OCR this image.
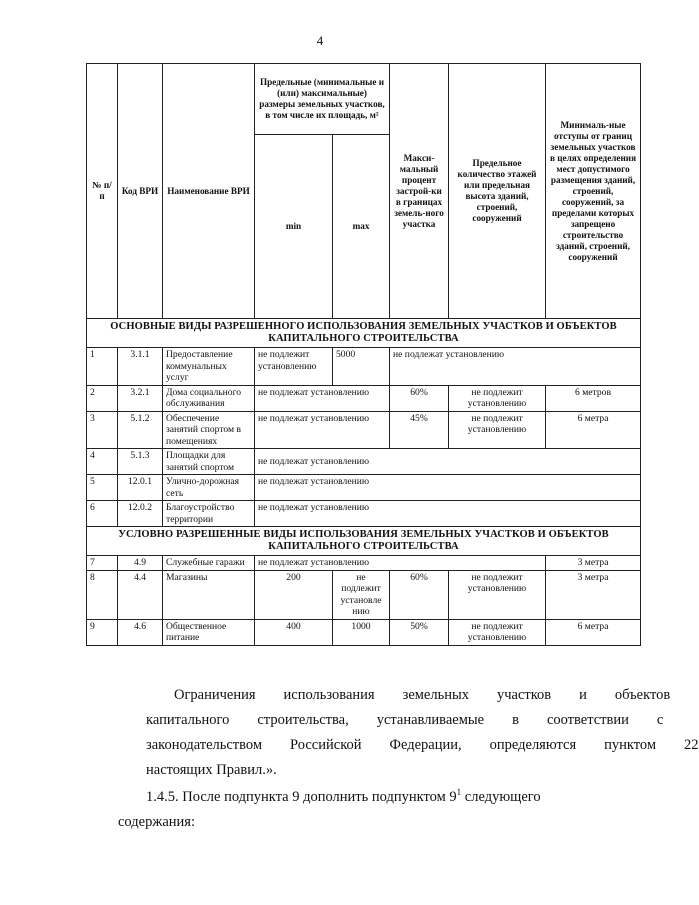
4
№ п/п	Код ВРИ	Наименование ВРИ	Предельные (минимальные и (или) максимальные) размеры земельных участков, в том числе их площадь, м²		Макси-мальный процент застрой-ки в границах земель-ного участка	Предельное количество этажей или предельная высота зданий, строений, сооружений	Минималь-ные отступы от границ земельных участков в целях определения мест допустимого размещения зданий, строений, сооружений, за пределами которых запрещено строительство зданий, строений, сооружений
			min	max			
ОСНОВНЫЕ ВИДЫ РАЗРЕШЕННОГО ИСПОЛЬЗОВАНИЯ ЗЕМЕЛЬНЫХ УЧАСТКОВ И ОБЪЕКТОВ КАПИТАЛЬНОГО СТРОИТЕЛЬСТВА							
1	3.1.1	Предоставление коммунальных услуг	не подлежит установлению	5000	не подлежат установлению		
2	3.2.1	Дома социального обслуживания	не подлежат установлению		60%	не подлежит установлению	6 метров
3	5.1.2	Обеспечение занятий спортом в помещениях	не подлежат установлению		45%	не подлежит установлению	6 метра
4	5.1.3	Площадки для занятий спортом	не подлежат установлению				
5	12.0.1	Улично-дорожная сеть	не подлежат установлению				
6	12.0.2	Благоустройство территории	не подлежат установлению				
УСЛОВНО РАЗРЕШЕННЫЕ ВИДЫ ИСПОЛЬЗОВАНИЯ ЗЕМЕЛЬНЫХ УЧАСТКОВ И ОБЪЕКТОВ КАПИТАЛЬНОГО СТРОИТЕЛЬСТВА							
7	4.9	Служебные гаражи	не подлежат установлению				3 метра
8	4.4	Магазины	200	не подлежит установле нию	60%	не подлежит установлению	3 метра
9	4.6	Общественное питание	400	1000	50%	не подлежит установлению	6 метра
Ограничения	использования	земельных	участков	и	объектов
капитального	строительства,	устанавливаемые	в	соответствии	с
законодательством	Российской	Федерации,	определяются	пунктом	22
настоящих Правил.».
1.4.5. После подпункта 9 дополнить подпунктом $9^1$ следующего
содержания:
